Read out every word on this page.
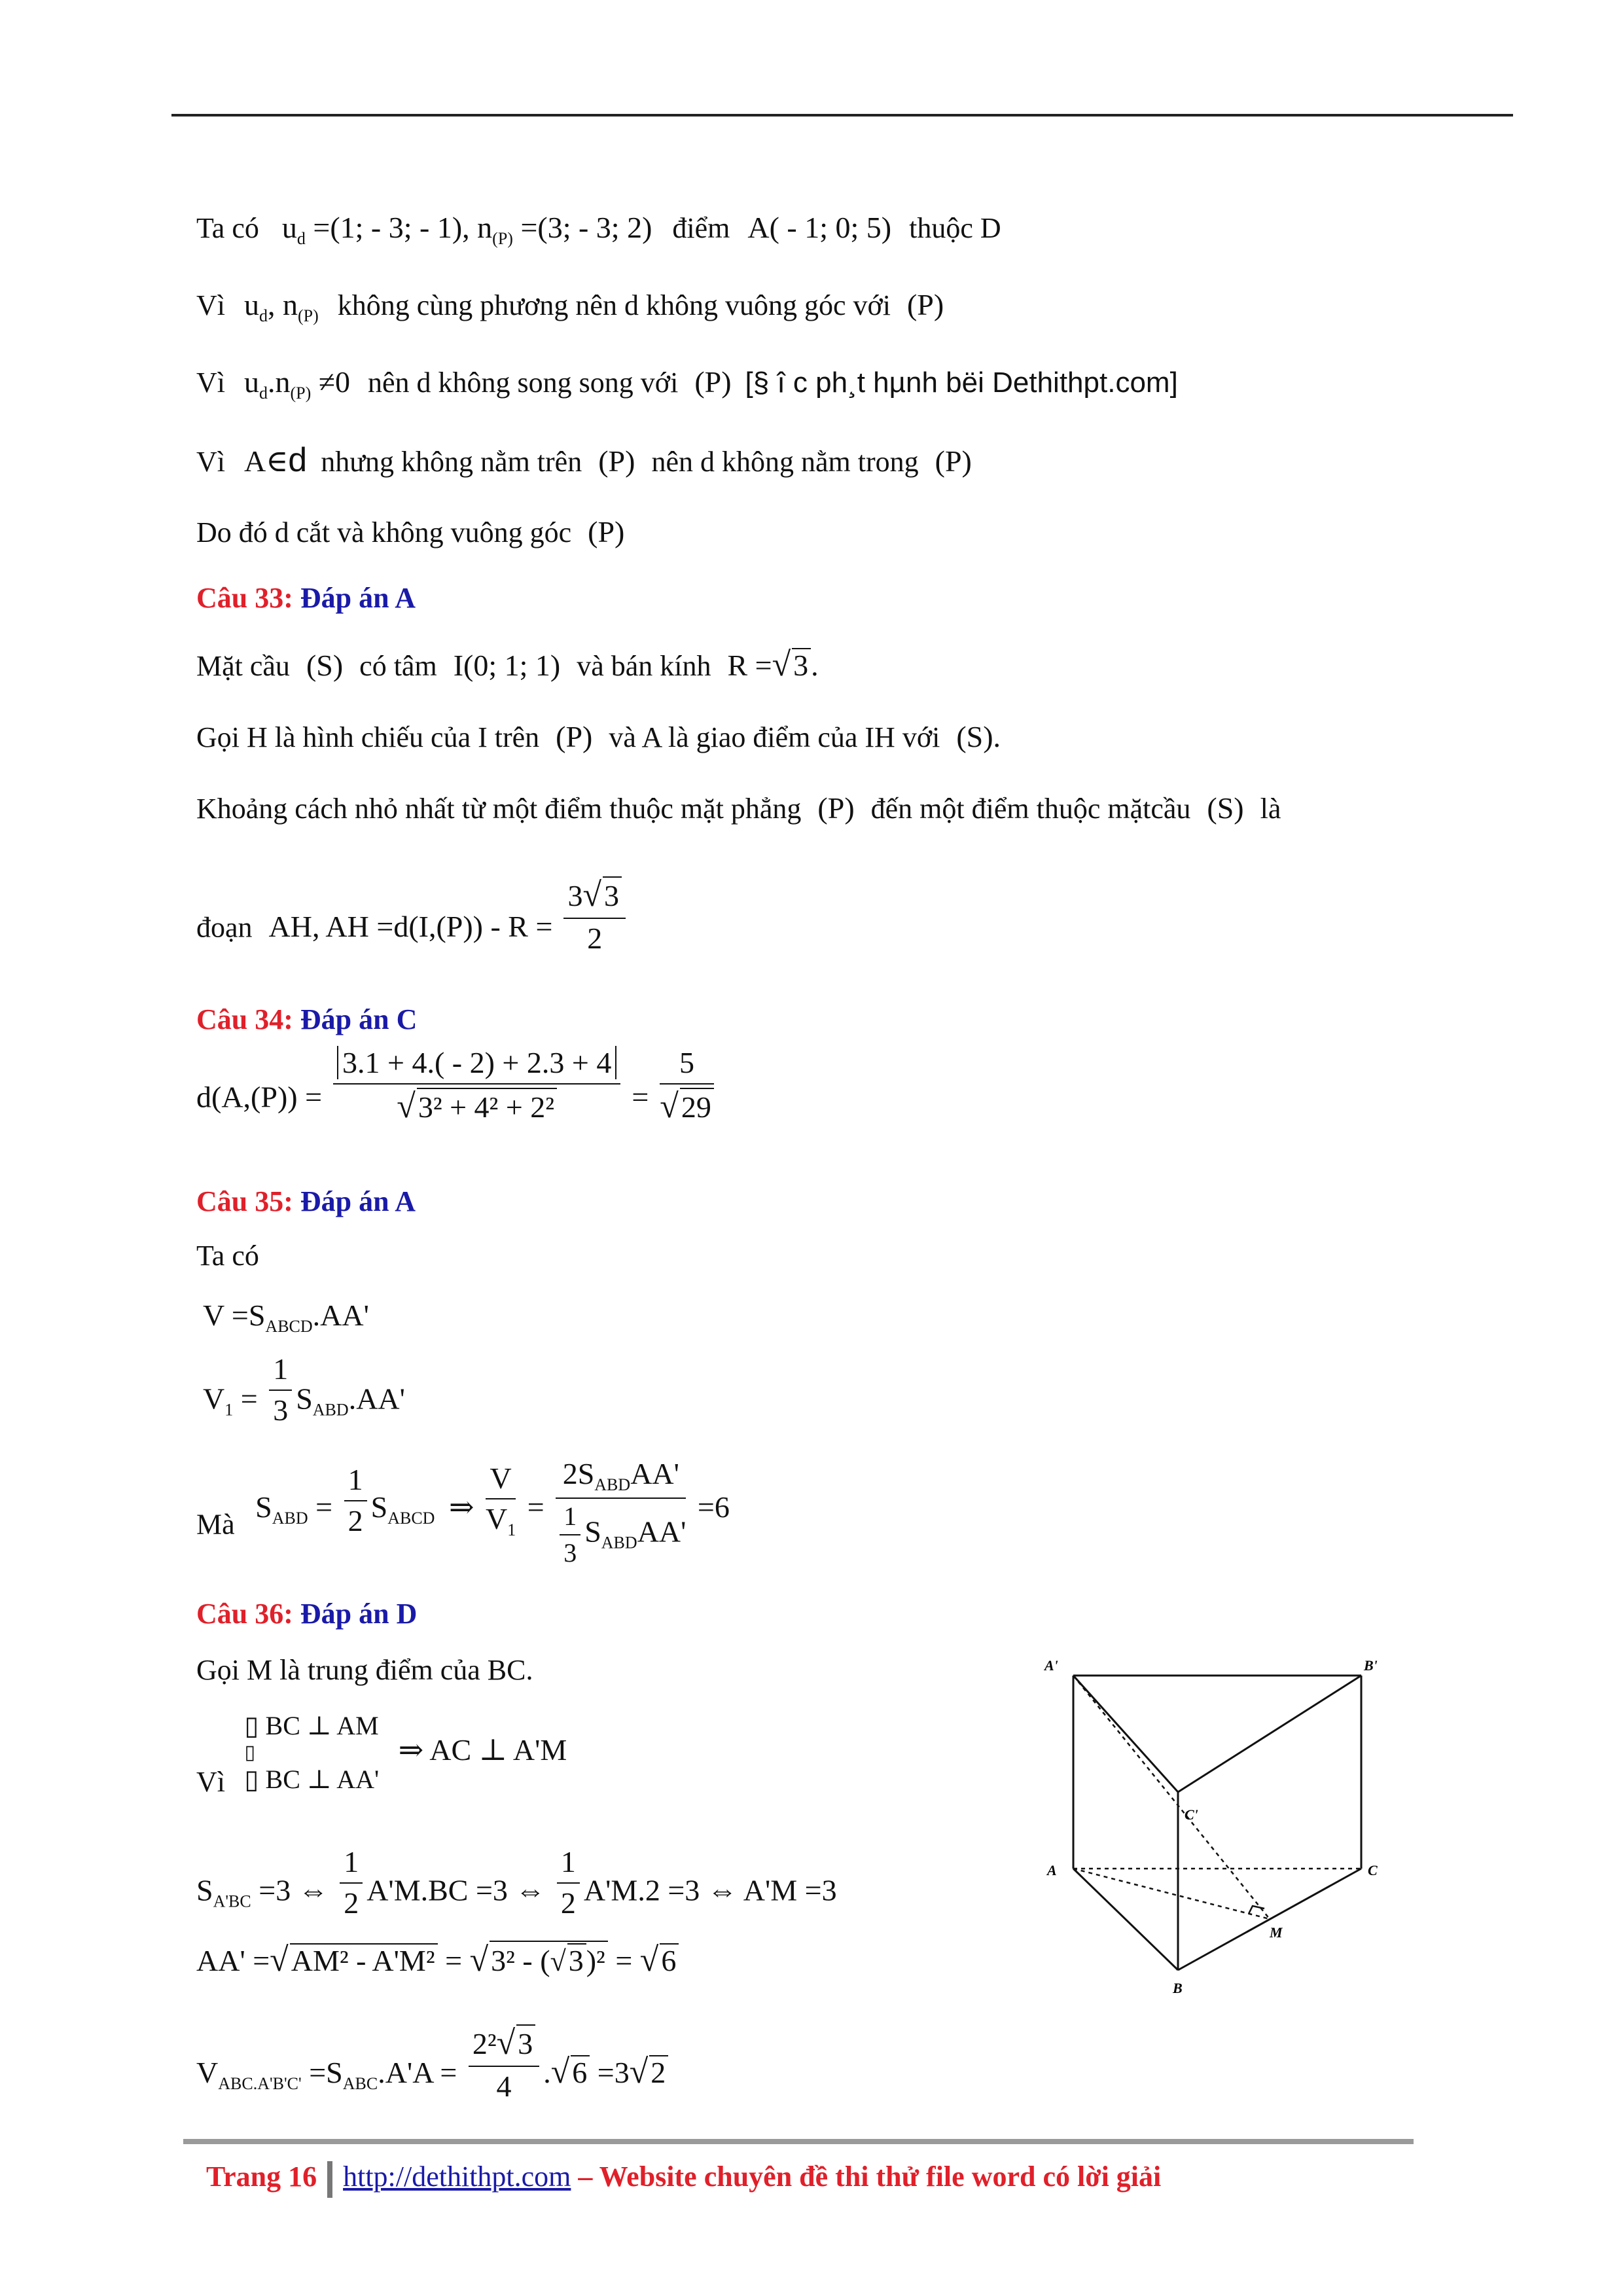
Ta có $u_d =(1$; - 3; - 1), $n_{(P)} =(3$; - 3; 2) điểm A( - 1; 0; 5) thuộc D
Vì $u_d$, $n_{(P)}$ không cùng phương nên d không vuông góc với (P)
Vì $u_d.n_{(P)} \ne 0$ nên d không song song với (P) [§ î c ph¸t hµnh bëi Dethithpt.com]
Vì A∈d nhưng không nằm trên (P) nên d không nằm trong (P)
Do đó d cắt và không vuông góc (P)
Câu 33: Đáp án A
Mặt cầu (S) có tâm I(0; 1; 1) và bán kính R =√3.
Gọi H là hình chiếu của I trên (P) và A là giao điểm của IH với (S).
Khoảng cách nhỏ nhất từ một điểm thuộc mặt phẳng (P) đến một điểm thuộc mặtcầu (S) là
đoạn AH, AH $=d(I,(P)) - R = \frac{3√3}{2}$
Câu 34: Đáp án C
$d(A,(P)) = \frac{3.1 + 4.( - 2) + 2.3 + 4}{\text{√3² + 4² + 2²}} = \frac{5}{√29}$
Câu 35: Đáp án A
Ta có
$V =S_{ABCD}.AA'$
$V_1 = \frac{1}{3} S_{ABD}.AA'$
Mà $S_{ABD} = \frac{1}{2} S_{ABCD}$ ⇒ $\frac{V}{V_1} = \frac{2S_{ABD}AA'}{\frac{1}{3} S_{ABD}AA'} =6$
Câu 36: Đáp án D
Gọi M là trung điểm của BC.
Vì
▯ BC ⊥ AM
▯
▯ BC ⊥ AA'
⇒ AC ⊥ A'M
$S_{A'BC} =3$ ⇔ $\frac{1}{2} A'M.BC =3$ ⇔ $\frac{1}{2} A'M.2 =3$ ⇔ A'M =3
AA' =√AM² - A'M² = √3² - (√3)² = √6
$V_{ABC.A'B'C'} =S_{ABC}.A'A = \frac{\text{2²√3}}{4} .√6 =3√2$
A'	B'
C'
A	C
B
M
Trang 16 http://dethithpt.com – Website chuyên đề thi thử file word có lời giải
